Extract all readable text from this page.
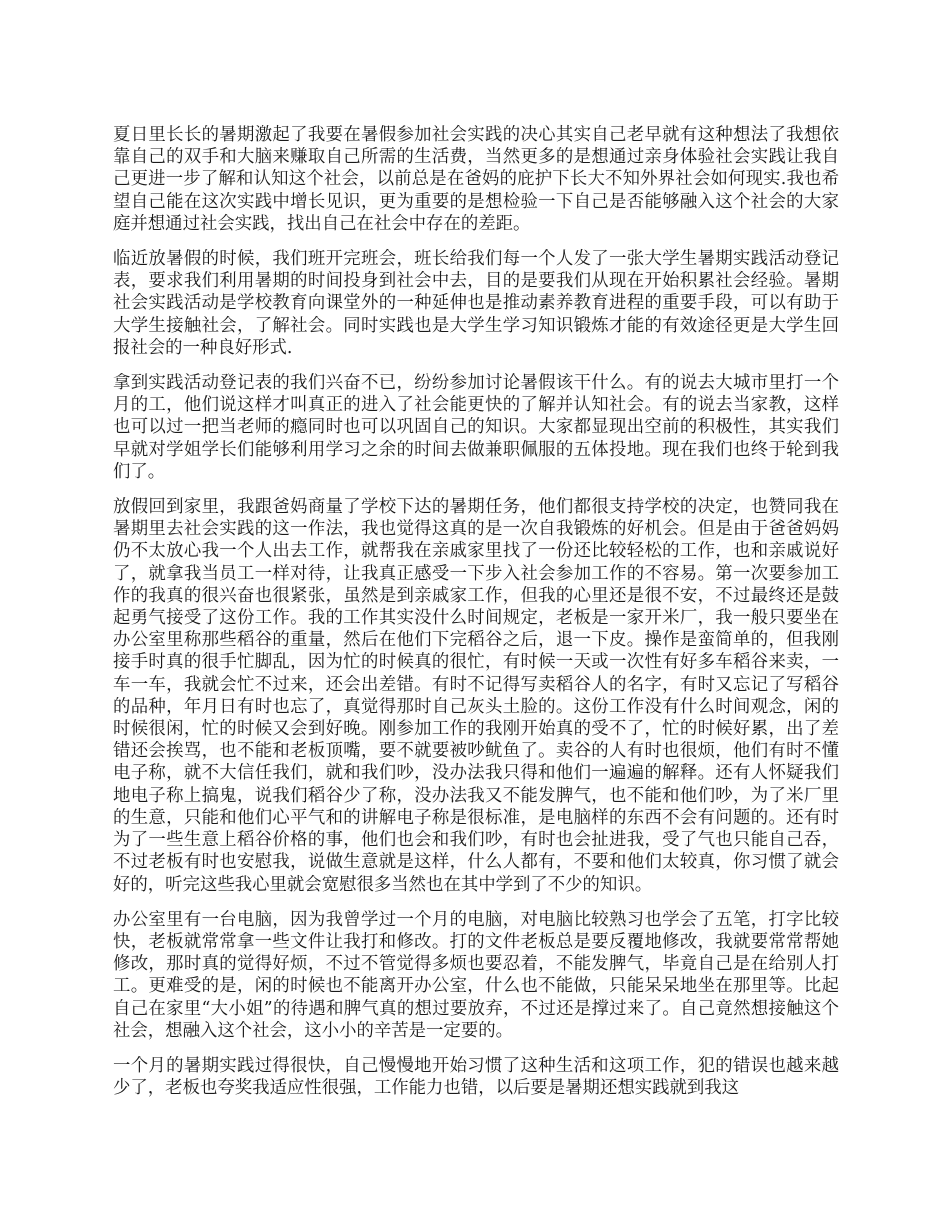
夏日里长长的暑期激起了我要在暑假参加社会实践的决心其实自己老早就有这种想法了我想依靠自己的双手和大脑来赚取自己所需的生活费，当然更多的是想通过亲身体验社会实践让我自己更进一步了解和认知这个社会，以前总是在爸妈的庇护下长大不知外界社会如何现实.我也希望自己能在这次实践中增长见识，更为重要的是想检验一下自己是否能够融入这个社会的大家庭并想通过社会实践，找出自己在社会中存在的差距。

临近放暑假的时候，我们班开完班会，班长给我们每一个人发了一张大学生暑期实践活动登记表，要求我们利用暑期的时间投身到社会中去，目的是要我们从现在开始积累社会经验。暑期社会实践活动是学校教育向课堂外的一种延伸也是推动素养教育进程的重要手段，可以有助于大学生接触社会，了解社会。同时实践也是大学生学习知识锻炼才能的有效途径更是大学生回报社会的一种良好形式.

拿到实践活动登记表的我们兴奋不已，纷纷参加讨论暑假该干什么。有的说去大城市里打一个月的工，他们说这样才叫真正的进入了社会能更快的了解并认知社会。有的说去当家教，这样也可以过一把当老师的瘾同时也可以巩固自己的知识。大家都显现出空前的积极性，其实我们早就对学姐学长们能够利用学习之余的时间去做兼职佩服的五体投地。现在我们也终于轮到我们了。

放假回到家里，我跟爸妈商量了学校下达的暑期任务，他们都很支持学校的决定，也赞同我在暑期里去社会实践的这一作法，我也觉得这真的是一次自我锻炼的好机会。但是由于爸爸妈妈仍不太放心我一个人出去工作，就帮我在亲戚家里找了一份还比较轻松的工作，也和亲戚说好了，就拿我当员工一样对待，让我真正感受一下步入社会参加工作的不容易。第一次要参加工作的我真的很兴奋也很紧张，虽然是到亲戚家工作，但我的心里还是很不安，不过最终还是鼓起勇气接受了这份工作。我的工作其实没什么时间规定，老板是一家开米厂，我一般只要坐在办公室里称那些稻谷的重量，然后在他们下完稻谷之后，退一下皮。操作是蛮简单的，但我刚接手时真的很手忙脚乱，因为忙的时候真的很忙，有时候一天或一次性有好多车稻谷来卖，一车一车，我就会忙不过来，还会出差错。有时不记得写卖稻谷人的名字，有时又忘记了写稻谷的品种，年月日有时也忘了，真觉得那时自己灰头土脸的。这份工作没有什么时间观念，闲的时候很闲，忙的时候又会到好晚。刚参加工作的我刚开始真的受不了，忙的时候好累，出了差错还会挨骂，也不能和老板顶嘴，要不就要被吵鱿鱼了。卖谷的人有时也很烦，他们有时不懂电子称，就不大信任我们，就和我们吵，没办法我只得和他们一遍遍的解释。还有人怀疑我们地电子称上搞鬼，说我们稻谷少了称，没办法我又不能发脾气，也不能和他们吵，为了米厂里的生意，只能和他们心平气和的讲解电子称是很标准，是电脑样的东西不会有问题的。还有时为了一些生意上稻谷价格的事，他们也会和我们吵，有时也会扯进我，受了气也只能自己吞，不过老板有时也安慰我，说做生意就是这样，什么人都有，不要和他们太较真，你习惯了就会好的，听完这些我心里就会宽慰很多当然也在其中学到了不少的知识。

办公室里有一台电脑，因为我曾学过一个月的电脑，对电脑比较熟习也学会了五笔，打字比较快，老板就常常拿一些文件让我打和修改。打的文件老板总是要反覆地修改，我就要常常帮她修改，那时真的觉得好烦，不过不管觉得多烦也要忍着，不能发脾气，毕竟自己是在给别人打工。更难受的是，闲的时候也不能离开办公室，什么也不能做，只能呆呆地坐在那里等。比起自己在家里“大小姐”的待遇和脾气真的想过要放弃，不过还是撑过来了。自己竟然想接触这个社会，想融入这个社会，这小小的辛苦是一定要的。

一个月的暑期实践过得很快，自己慢慢地开始习惯了这种生活和这项工作，犯的错误也越来越少了，老板也夸奖我适应性很强，工作能力也错，以后要是暑期还想实践就到我这
